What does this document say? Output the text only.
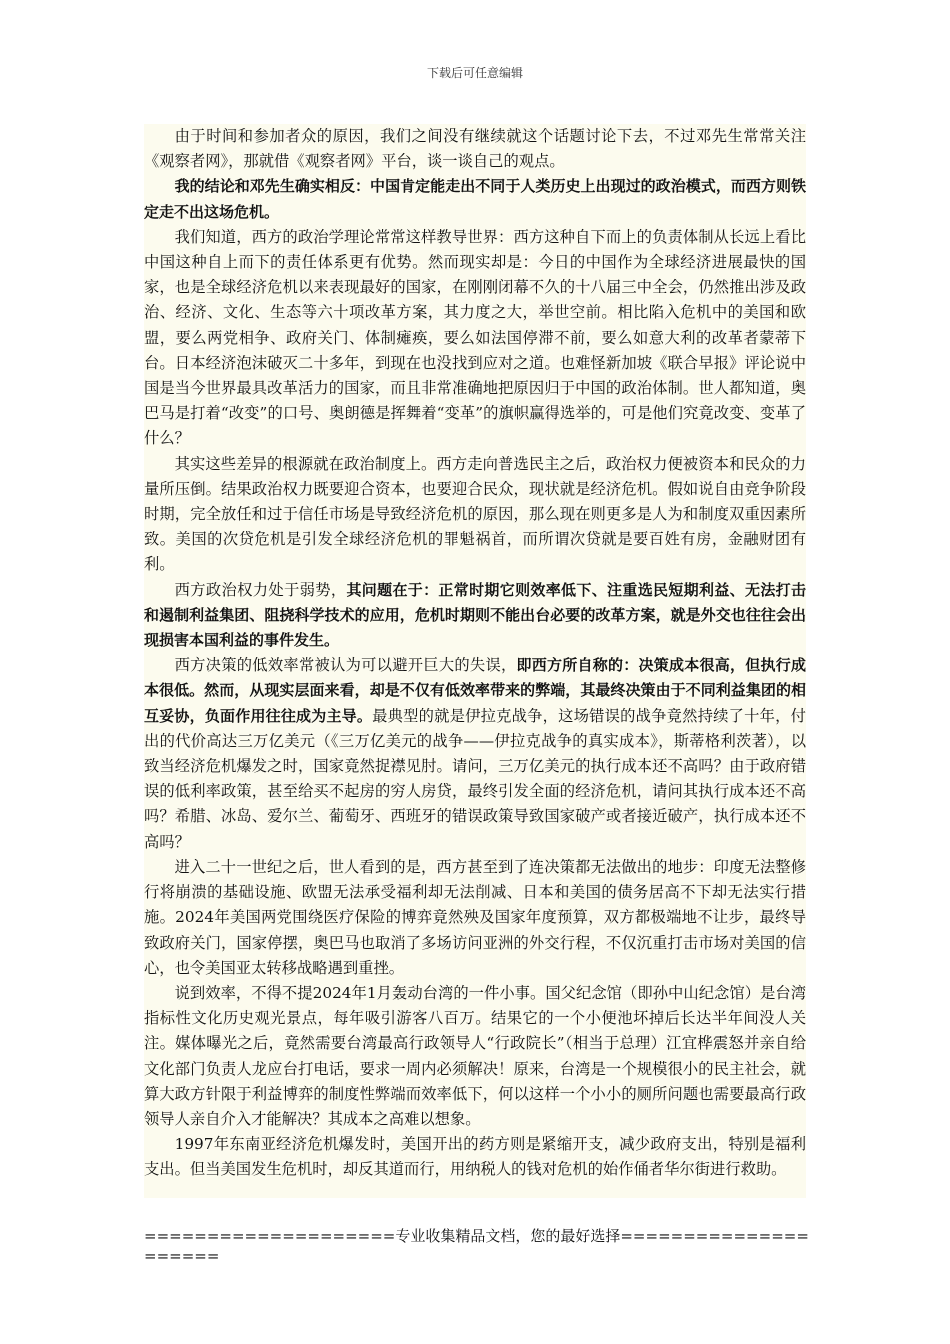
下载后可任意编辑

由于时间和参加者众的原因，我们之间没有继续就这个话题讨论下去，不过邓先生常常关注《观察者网》，那就借《观察者网》平台，谈一谈自己的观点。

我的结论和邓先生确实相反：中国肯定能走出不同于人类历史上出现过的政治模式，而西方则铁定走不出这场危机。

我们知道，西方的政治学理论常常这样教导世界：西方这种自下而上的负责体制从长远上看比中国这种自上而下的责任体系更有优势。然而现实却是：今日的中国作为全球经济进展最快的国家，也是全球经济危机以来表现最好的国家，在刚刚闭幕不久的十八届三中全会，仍然推出涉及政治、经济、文化、生态等六十项改革方案，其力度之大，举世空前。相比陷入危机中的美国和欧盟，要么两党相争、政府关门、体制瘫痪，要么如法国停滞不前，要么如意大利的改革者蒙蒂下台。日本经济泡沫破灭二十多年，到现在也没找到应对之道。也难怪新加坡《联合早报》评论说中国是当今世界最具改革活力的国家，而且非常准确地把原因归于中国的政治体制。世人都知道，奥巴马是打着“改变”的口号、奥朗德是挥舞着“变革”的旗帜赢得选举的，可是他们究竟改变、变革了什么？

其实这些差异的根源就在政治制度上。西方走向普选民主之后，政治权力便被资本和民众的力量所压倒。结果政治权力既要迎合资本，也要迎合民众，现状就是经济危机。假如说自由竞争阶段时期，完全放任和过于信任市场是导致经济危机的原因，那么现在则更多是人为和制度双重因素所致。美国的次贷危机是引发全球经济危机的罪魁祸首，而所谓次贷就是要百姓有房，金融财团有利。

西方政治权力处于弱势，其问题在于：正常时期它则效率低下、注重选民短期利益、无法打击和遏制利益集团、阻挠科学技术的应用，危机时期则不能出台必要的改革方案，就是外交也往往会出现损害本国利益的事件发生。

西方决策的低效率常被认为可以避开巨大的失误，即西方所自称的：决策成本很高，但执行成本很低。然而，从现实层面来看，却是不仅有低效率带来的弊端，其最终决策由于不同利益集团的相互妥协，负面作用往往成为主导。最典型的就是伊拉克战争，这场错误的战争竟然持续了十年，付出的代价高达三万亿美元（《三万亿美元的战争——伊拉克战争的真实成本》，斯蒂格利茨著），以致当经济危机爆发之时，国家竟然捉襟见肘。请问，三万亿美元的执行成本还不高吗？由于政府错误的低利率政策，甚至给买不起房的穷人房贷，最终引发全面的经济危机，请问其执行成本还不高吗？希腊、冰岛、爱尔兰、葡萄牙、西班牙的错误政策导致国家破产或者接近破产，执行成本还不高吗？

进入二十一世纪之后，世人看到的是，西方甚至到了连决策都无法做出的地步：印度无法整修行将崩溃的基础设施、欧盟无法承受福利却无法削减、日本和美国的债务居高不下却无法实行措施。2024年美国两党围绕医疗保险的博弈竟然殃及国家年度预算，双方都极端地不让步，最终导致政府关门，国家停摆，奥巴马也取消了多场访问亚洲的外交行程，不仅沉重打击市场对美国的信心，也令美国亚太转移战略遇到重挫。

说到效率，不得不提2024年1月轰动台湾的一件小事。国父纪念馆（即孙中山纪念馆）是台湾指标性文化历史观光景点，每年吸引游客八百万。结果它的一个小便池坏掉后长达半年间没人关注。媒体曝光之后，竟然需要台湾最高行政领导人“行政院长”（相当于总理）江宜桦震怒并亲自给文化部门负责人龙应台打电话，要求一周内必须解决！原来，台湾是一个规模很小的民主社会，就算大政方针限于利益博弈的制度性弊端而效率低下，何以这样一个小小的厕所问题也需要最高行政领导人亲自介入才能解决？其成本之高难以想象。

1997年东南亚经济危机爆发时，美国开出的药方则是紧缩开支，减少政府支出，特别是福利支出。但当美国发生危机时，却反其道而行，用纳税人的钱对危机的始作俑者华尔街进行救助。

====================专业收集精品文档，您的最好选择=====================
